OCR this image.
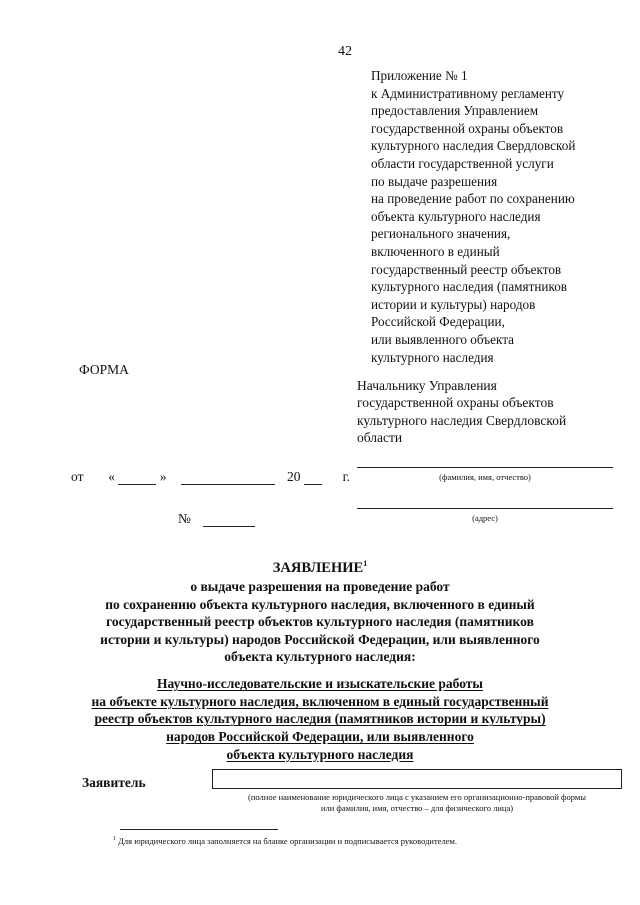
42
Приложение № 1
к Административному регламенту
предоставления Управлением
государственной охраны объектов
культурного наследия Свердловской
области государственной услуги
по выдаче разрешения
на проведение работ по сохранению
объекта культурного наследия
регионального значения,
включенного в единый
государственный реестр объектов
культурного наследия (памятников
истории и культуры) народов
Российской Федерации,
или выявленного объекта
культурного наследия
ФОРМА
Начальнику Управления
государственной охраны объектов
культурного наследия Свердловской
области
(фамилия, имя, отчество)
(адрес)
от «	»	20	г.
№
ЗАЯВЛЕНИЕ$^1$
о выдаче разрешения на проведение работ
по сохранению объекта культурного наследия, включенного в единый
государственный реестр объектов культурного наследия (памятников
истории и культуры) народов Российской Федерации, или выявленного
объекта культурного наследия:
Научно-исследовательские и изыскательские работы
на объекте культурного наследия, включенном в единый государственный
реестр объектов культурного наследия (памятников истории и культуры)
народов Российской Федерации, или выявленного
объекта культурного наследия
Заявитель
(полное наименование юридического лица с указанием его организационно-правовой формы
или фамилия, имя, отчество – для физического лица)
$^1$ Для юридического лица заполняется на бланке организации и подписывается руководителем.
